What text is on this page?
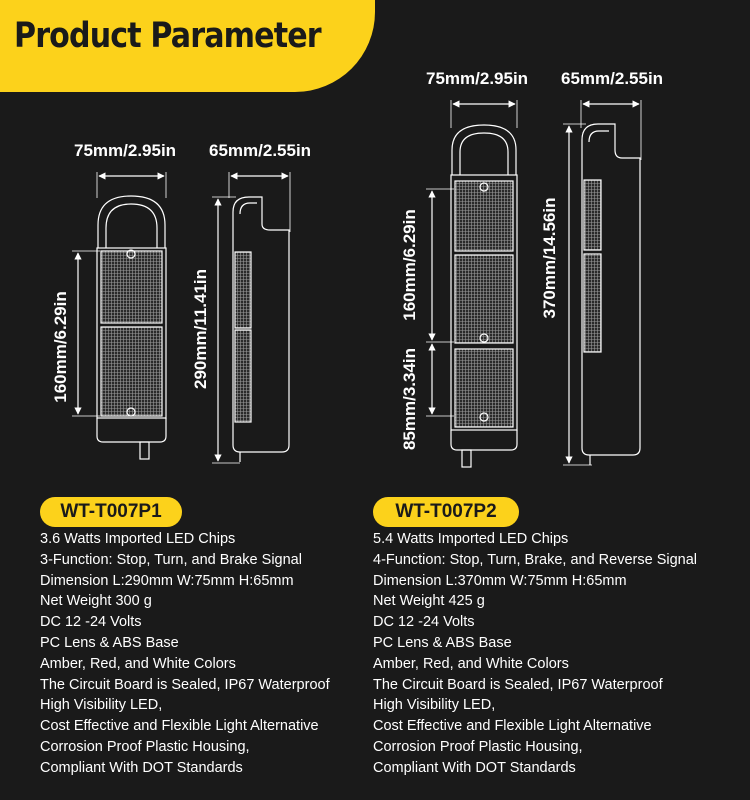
Product Parameter
75mm/2.95in 65mm/2.55in
160mm/6.29in	290mm/11.41in
75mm/2.95in 65mm/2.55in
160mm/6.29in
85mm/3.34in
370mm/14.56in
WT-T007P1	WT-T007P2
3.6 Watts Imported LED Chips
3-Function: Stop, Turn, and Brake Signal
Dimension L:290mm W:75mm H:65mm
Net Weight 300 g
DC 12 -24 Volts
PC Lens & ABS Base
Amber, Red, and White Colors
The Circuit Board is Sealed, IP67 Waterproof
High Visibility LED,
Cost Effective and Flexible Light Alternative
Corrosion Proof Plastic Housing,
Compliant With DOT Standards
5.4 Watts Imported LED Chips
4-Function: Stop, Turn, Brake, and Reverse Signal
Dimension L:370mm W:75mm H:65mm
Net Weight 425 g
DC 12 -24 Volts
PC Lens & ABS Base
Amber, Red, and White Colors
The Circuit Board is Sealed, IP67 Waterproof
High Visibility LED,
Cost Effective and Flexible Light Alternative
Corrosion Proof Plastic Housing,
Compliant With DOT Standards
